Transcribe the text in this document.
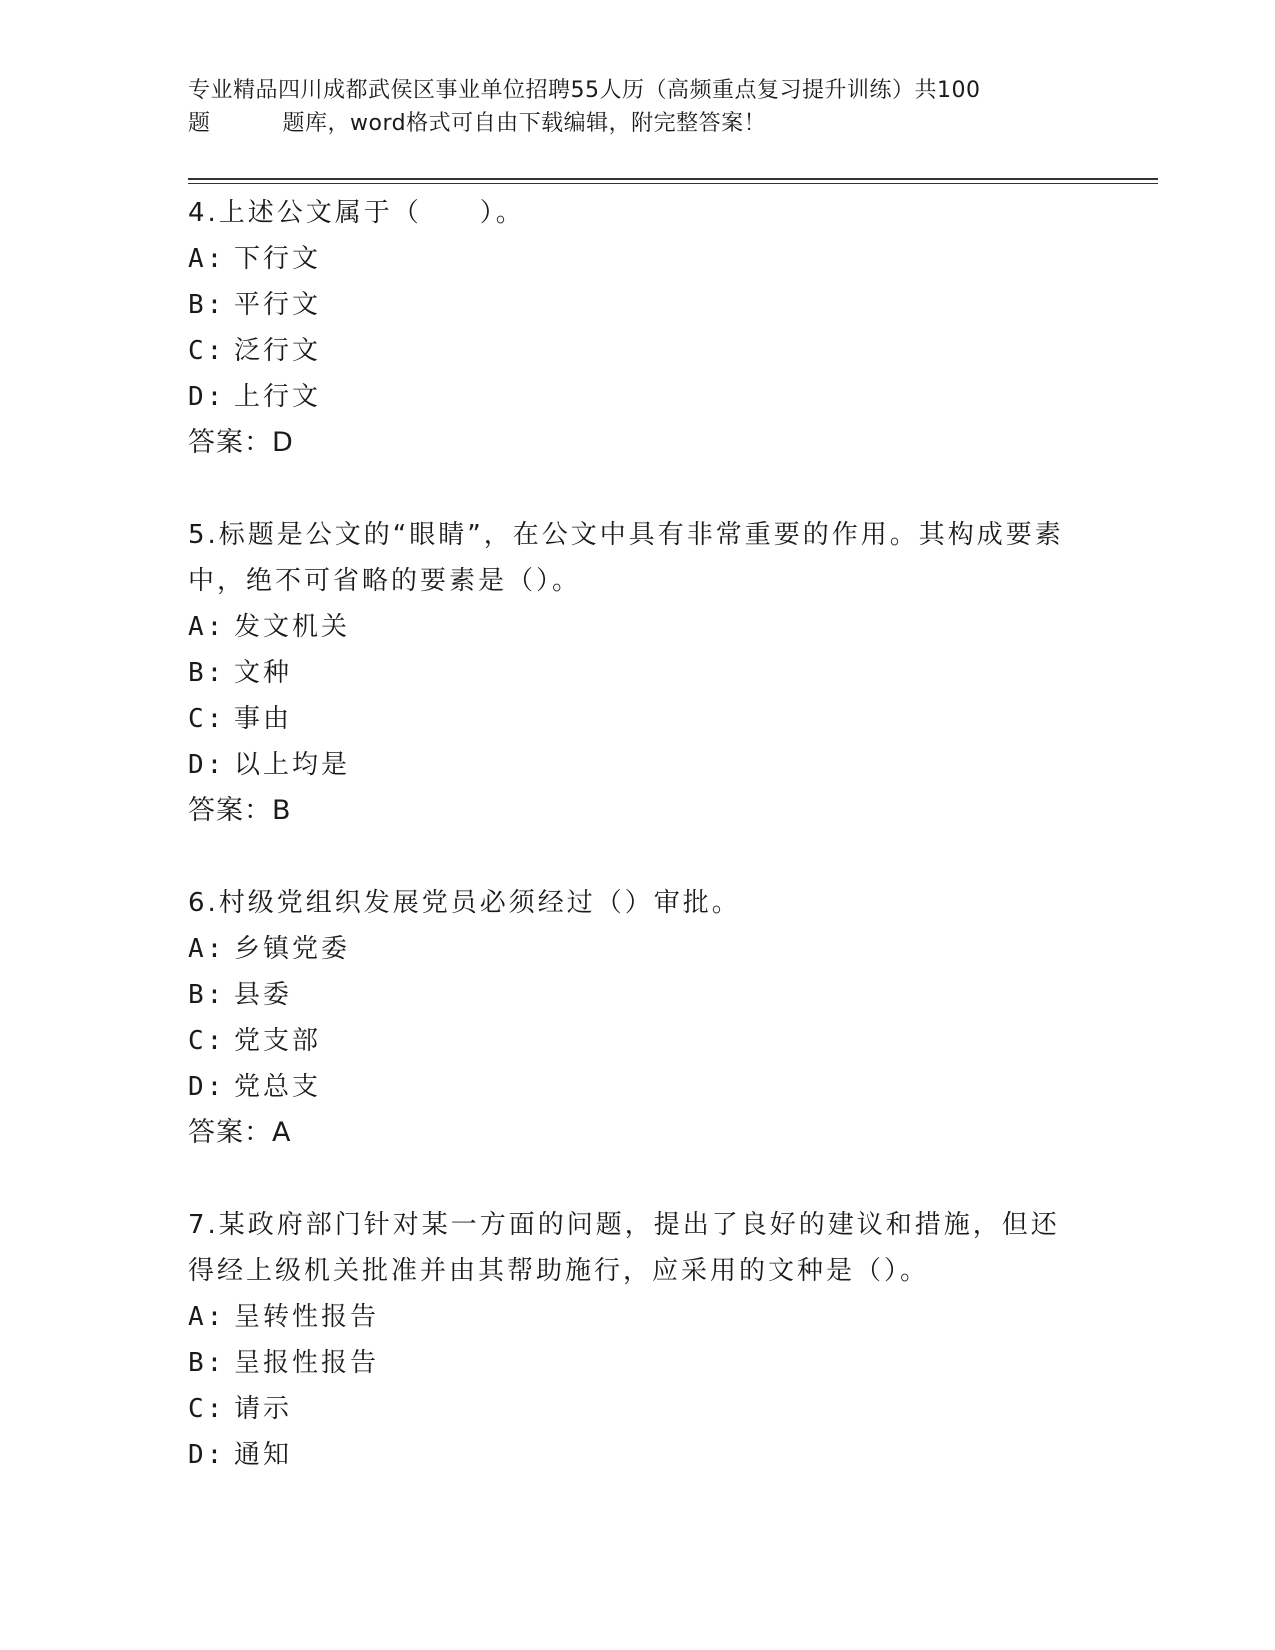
专业精品四川成都武侯区事业单位招聘55人历（高频重点复习提升训练）共100
题	题库，word格式可自由下载编辑，附完整答案！

4.上述公文属于（　　）。

A: 下行文

B: 平行文

C: 泛行文

D: 上行文

答案：D

5.标题是公文的“眼睛”，在公文中具有非常重要的作用。其构成要素中，绝不可省略的要素是（）。

A: 发文机关

B: 文种

C: 事由

D: 以上均是

答案：B

6.村级党组织发展党员必须经过（）审批。

A: 乡镇党委

B: 县委

C: 党支部

D: 党总支

答案：A

7.某政府部门针对某一方面的问题，提出了良好的建议和措施，但还得经上级机关批准并由其帮助施行，应采用的文种是（）。

A: 呈转性报告

B: 呈报性报告

C: 请示

D: 通知
